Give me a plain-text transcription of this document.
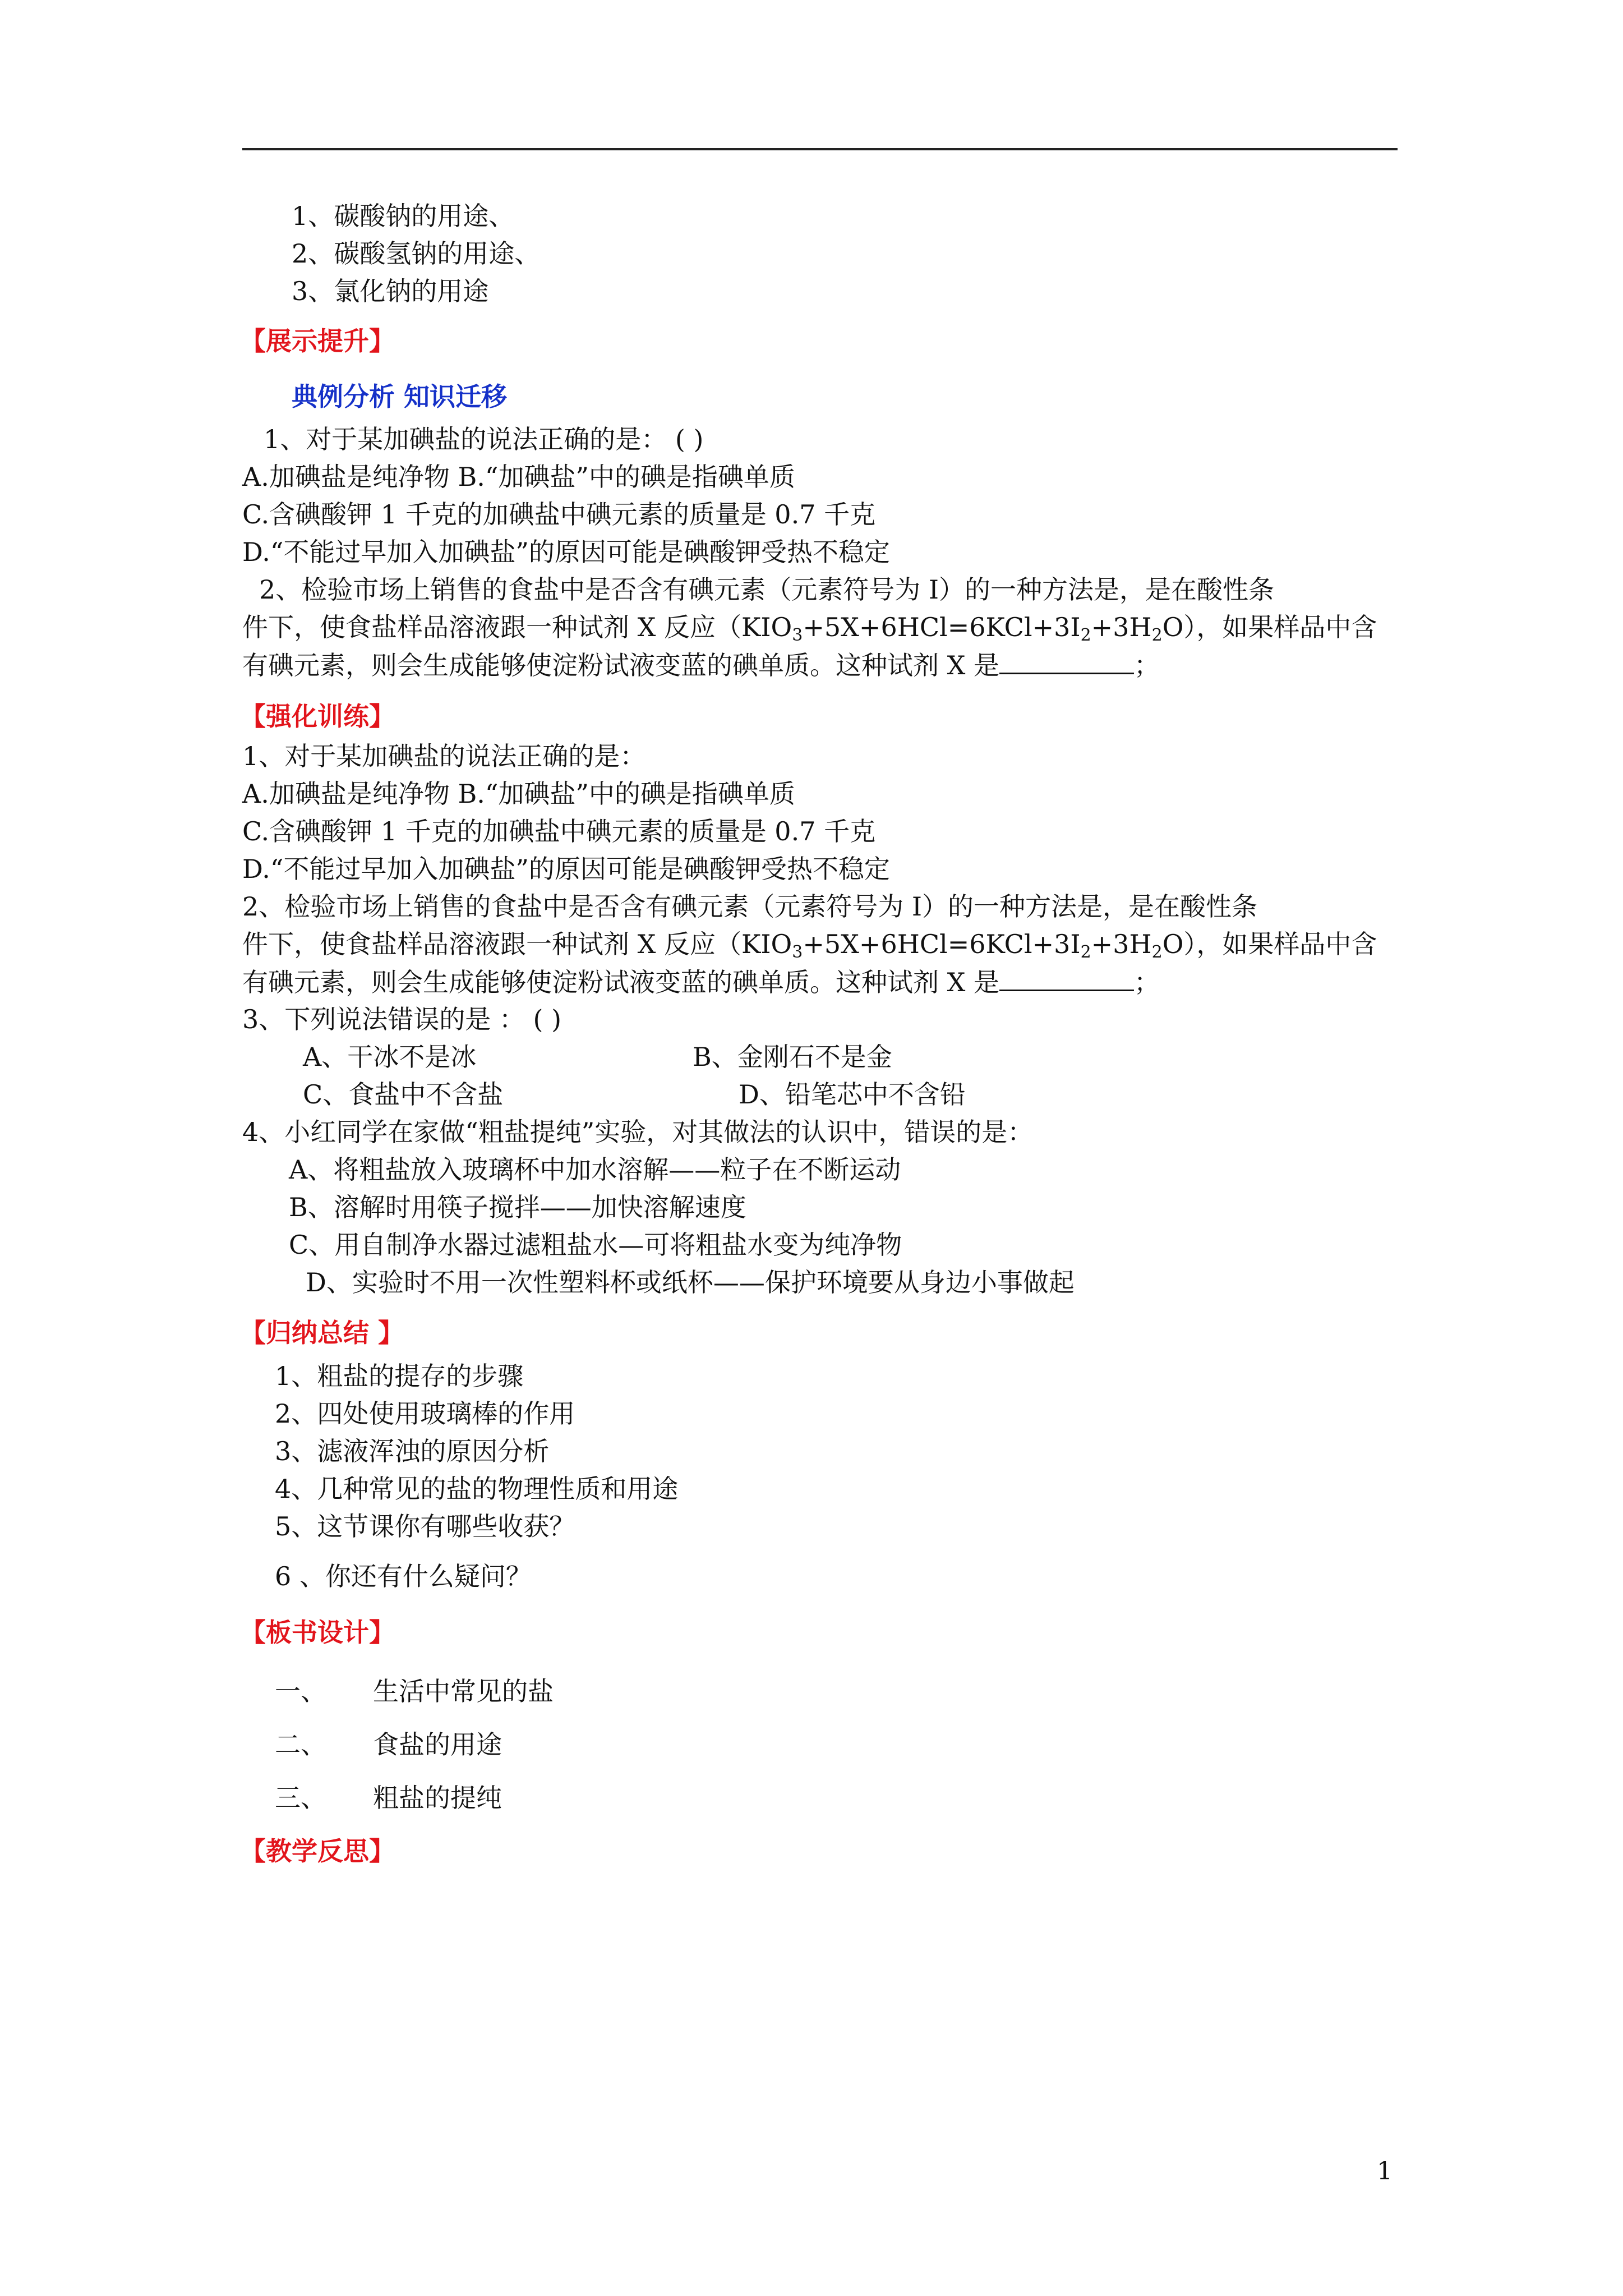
1、碳酸钠的用途、
2、碳酸氢钠的用途、
3、氯化钠的用途
【展示提升】
典例分析 知识迁移
1、对于某加碘盐的说法正确的是： ( )
A.加碘盐是纯净物 B.“加碘盐”中的碘是指碘单质
C.含碘酸钾 1 千克的加碘盐中碘元素的质量是 0.7 千克
D.“不能过早加入加碘盐”的原因可能是碘酸钾受热不稳定
2、检验市场上销售的食盐中是否含有碘元素（元素符号为 I）的一种方法是，是在酸性条
件下，使食盐样品溶液跟一种试剂 X 反应$(KIO_3+5X+6HCl=6KCl+3I_2+3H_2O)$，如果样品中含
有碘元素，则会生成能够使淀粉试液变蓝的碘单质。这种试剂 X 是	；
【强化训练】
1、对于某加碘盐的说法正确的是：
A.加碘盐是纯净物 B.“加碘盐”中的碘是指碘单质
C.含碘酸钾 1 千克的加碘盐中碘元素的质量是 0.7 千克
D.“不能过早加入加碘盐”的原因可能是碘酸钾受热不稳定
2、检验市场上销售的食盐中是否含有碘元素（元素符号为 I）的一种方法是，是在酸性条
件下，使食盐样品溶液跟一种试剂 X 反应$(KIO_3+5X+6HCl=6KCl+3I_2+3H_2O)$，如果样品中含
有碘元素，则会生成能够使淀粉试液变蓝的碘单质。这种试剂 X 是	；
3、下列说法错误的是 ： ( )
A、干冰不是冰	B、金刚石不是金
C、食盐中不含盐	D、铅笔芯中不含铅
4、小红同学在家做“粗盐提纯”实验，对其做法的认识中，错误的是：
A、将粗盐放入玻璃杯中加水溶解——粒子在不断运动
B、溶解时用筷子搅拌——加快溶解速度
C、用自制净水器过滤粗盐水—可将粗盐水变为纯净物
D、实验时不用一次性塑料杯或纸杯——保护环境要从身边小事做起
【归纳总结 】
1、粗盐的提存的步骤
2、四处使用玻璃棒的作用
3、滤液浑浊的原因分析
4、几种常见的盐的物理性质和用途
5、这节课你有哪些收获？
6 、你还有什么疑问？
【板书设计】
一、 生活中常见的盐
二、 食盐的用途
三、 粗盐的提纯
【教学反思】
1
